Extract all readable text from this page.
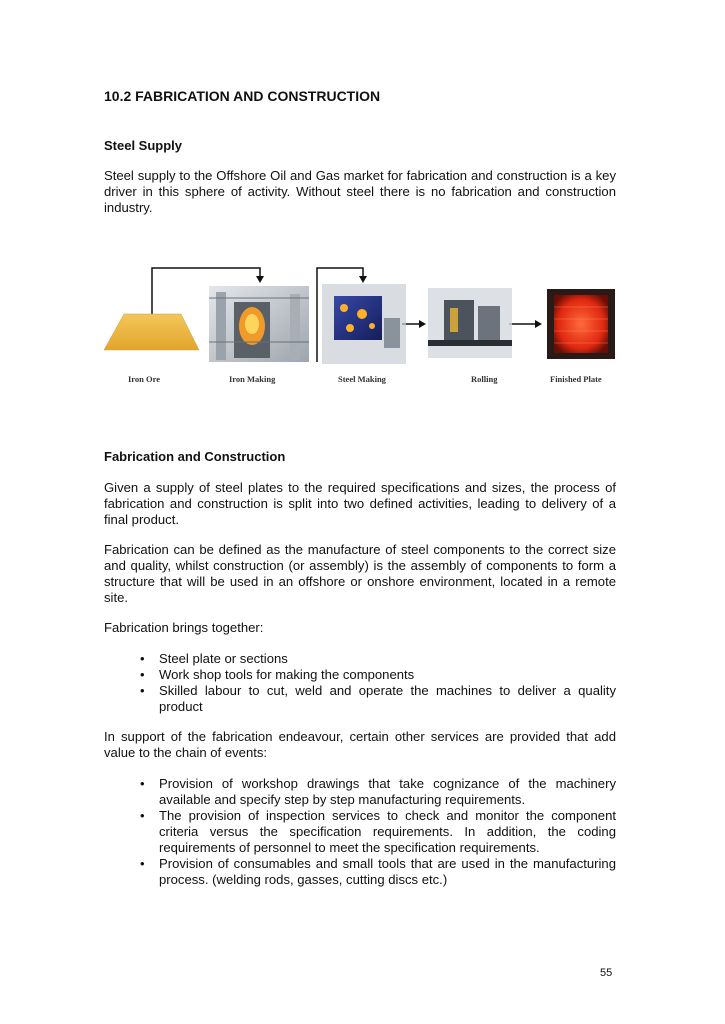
10.2 FABRICATION AND CONSTRUCTION
Steel Supply

Steel supply to the Offshore Oil and Gas market for fabrication and construction is a key driver in this sphere of activity. Without steel there is no fabrication and construction industry.

Iron Ore	Iron Making	Steel Making	Rolling	Finished Plate
Fabrication and Construction

Given a supply of steel plates to the required specifications and sizes, the process of fabrication and construction is split into two defined activities, leading to delivery of a final product.

Fabrication can be defined as the manufacture of steel components to the correct size and quality, whilst construction (or assembly) is the assembly of components to form a structure that will be used in an offshore or onshore environment, located in a remote site.

Fabrication brings together:

• Steel plate or sections
• Work shop tools for making the components
• Skilled labour to cut, weld and operate the machines to deliver a quality product

In support of the fabrication endeavour, certain other services are provided that add value to the chain of events:

• Provision of workshop drawings that take cognizance of the machinery available and specify step by step manufacturing requirements.
• The provision of inspection services to check and monitor the component criteria versus the specification requirements. In addition, the coding requirements of personnel to meet the specification requirements.
• Provision of consumables and small tools that are used in the manufacturing process. (welding rods, gasses, cutting discs etc.)
55
